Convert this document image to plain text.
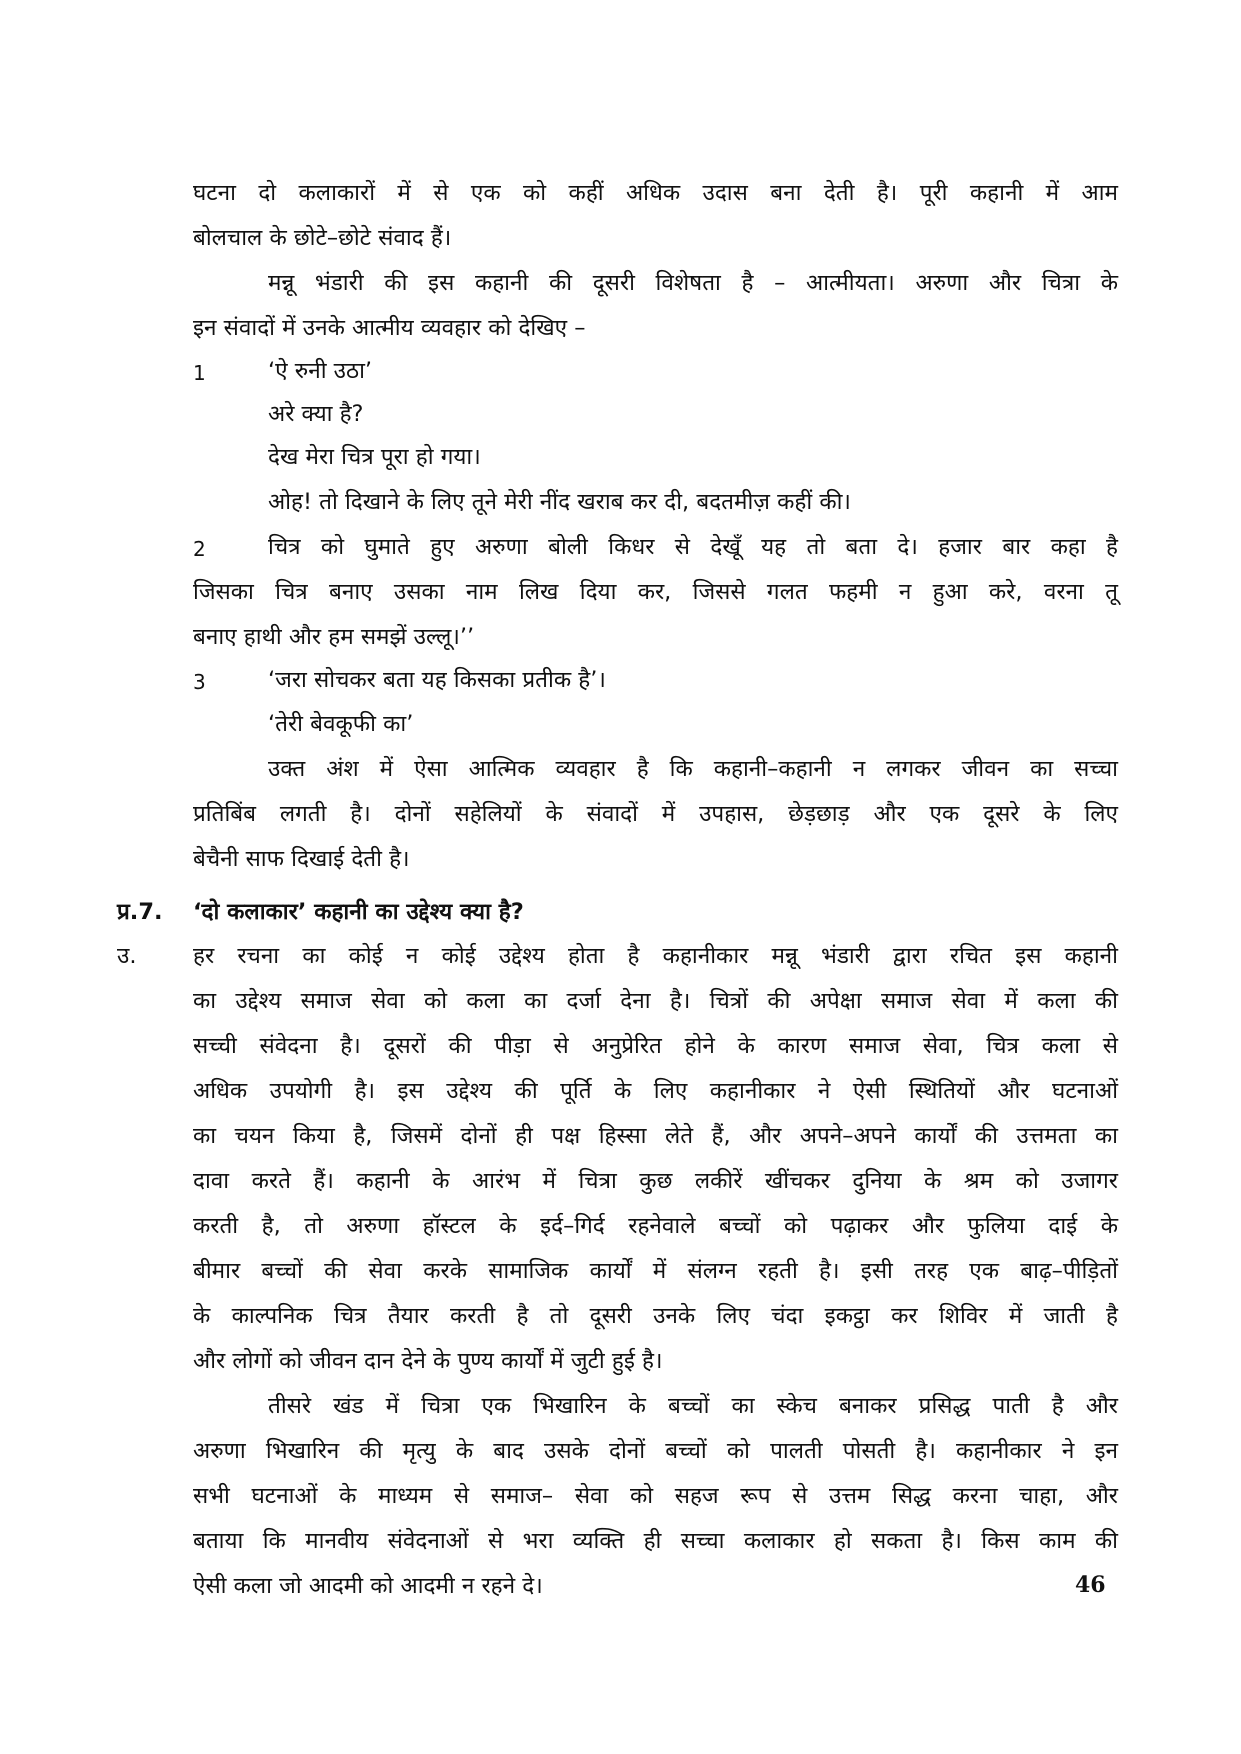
घटना दो कलाकारों में से एक को कहीं अधिक उदास बना देती है। पूरी कहानी में आम
बोलचाल के छोटे–छोटे संवाद हैं।
मन्नू भंडारी की इस कहानी की दूसरी विशेषता है – आत्मीयता। अरुणा और चित्रा के
इन संवादों में उनके आत्मीय व्यवहार को देखिए –
1	‘ऐ रुनी उठा’
अरे क्या है?
देख मेरा चित्र पूरा हो गया।
ओह! तो दिखाने के लिए तूने मेरी नींद खराब कर दी, बदतमीज़ कहीं की।
2	चित्र को घुमाते हुए अरुणा बोली किधर से देखूँ यह तो बता दे। हजार बार कहा है
जिसका चित्र बनाए उसका नाम लिख दिया कर, जिससे गलत फहमी न हुआ करे, वरना तू
बनाए हाथी और हम समझें उल्लू।’’
3	‘जरा सोचकर बता यह किसका प्रतीक है’।
‘तेरी बेवकूफी का’
उक्त अंश में ऐसा आत्मिक व्यवहार है कि कहानी–कहानी न लगकर जीवन का सच्चा
प्रतिबिंब लगती है। दोनों सहेलियों के संवादों में उपहास, छेड़छाड़ और एक दूसरे के लिए
बेचैनी साफ दिखाई देती है।
प्र.7. ‘दो कलाकार’ कहानी का उद्देश्य क्या है?
उ.	हर रचना का कोई न कोई उद्देश्य होता है कहानीकार मन्नू भंडारी द्वारा रचित इस कहानी
का उद्देश्य समाज सेवा को कला का दर्जा देना है। चित्रों की अपेक्षा समाज सेवा में कला की
सच्ची संवेदना है। दूसरों की पीड़ा से अनुप्रेरित होने के कारण समाज सेवा, चित्र कला से
अधिक उपयोगी है। इस उद्देश्य की पूर्ति के लिए कहानीकार ने ऐसी स्थितियों और घटनाओं
का चयन किया है, जिसमें दोनों ही पक्ष हिस्सा लेते हैं, और अपने–अपने कार्यों की उत्तमता का
दावा करते हैं। कहानी के आरंभ में चित्रा कुछ लकीरें खींचकर दुनिया के श्रम को उजागर
करती है, तो अरुणा हॉस्टल के इर्द–गिर्द रहनेवाले बच्चों को पढ़ाकर और फुलिया दाई के
बीमार बच्चों की सेवा करके सामाजिक कार्यों में संलग्न रहती है। इसी तरह एक बाढ़–पीड़ितों
के काल्पनिक चित्र तैयार करती है तो दूसरी उनके लिए चंदा इकट्ठा कर शिविर में जाती है
और लोगों को जीवन दान देने के पुण्य कार्यों में जुटी हुई है।
तीसरे खंड में चित्रा एक भिखारिन के बच्चों का स्केच बनाकर प्रसिद्ध पाती है और
अरुणा भिखारिन की मृत्यु के बाद उसके दोनों बच्चों को पालती पोसती है। कहानीकार ने इन
सभी घटनाओं के माध्यम से समाज– सेवा को सहज रूप से उत्तम सिद्ध करना चाहा, और
बताया कि मानवीय संवेदनाओं से भरा व्यक्ति ही सच्चा कलाकार हो सकता है। किस काम की
ऐसी कला जो आदमी को आदमी न रहने दे।	46
